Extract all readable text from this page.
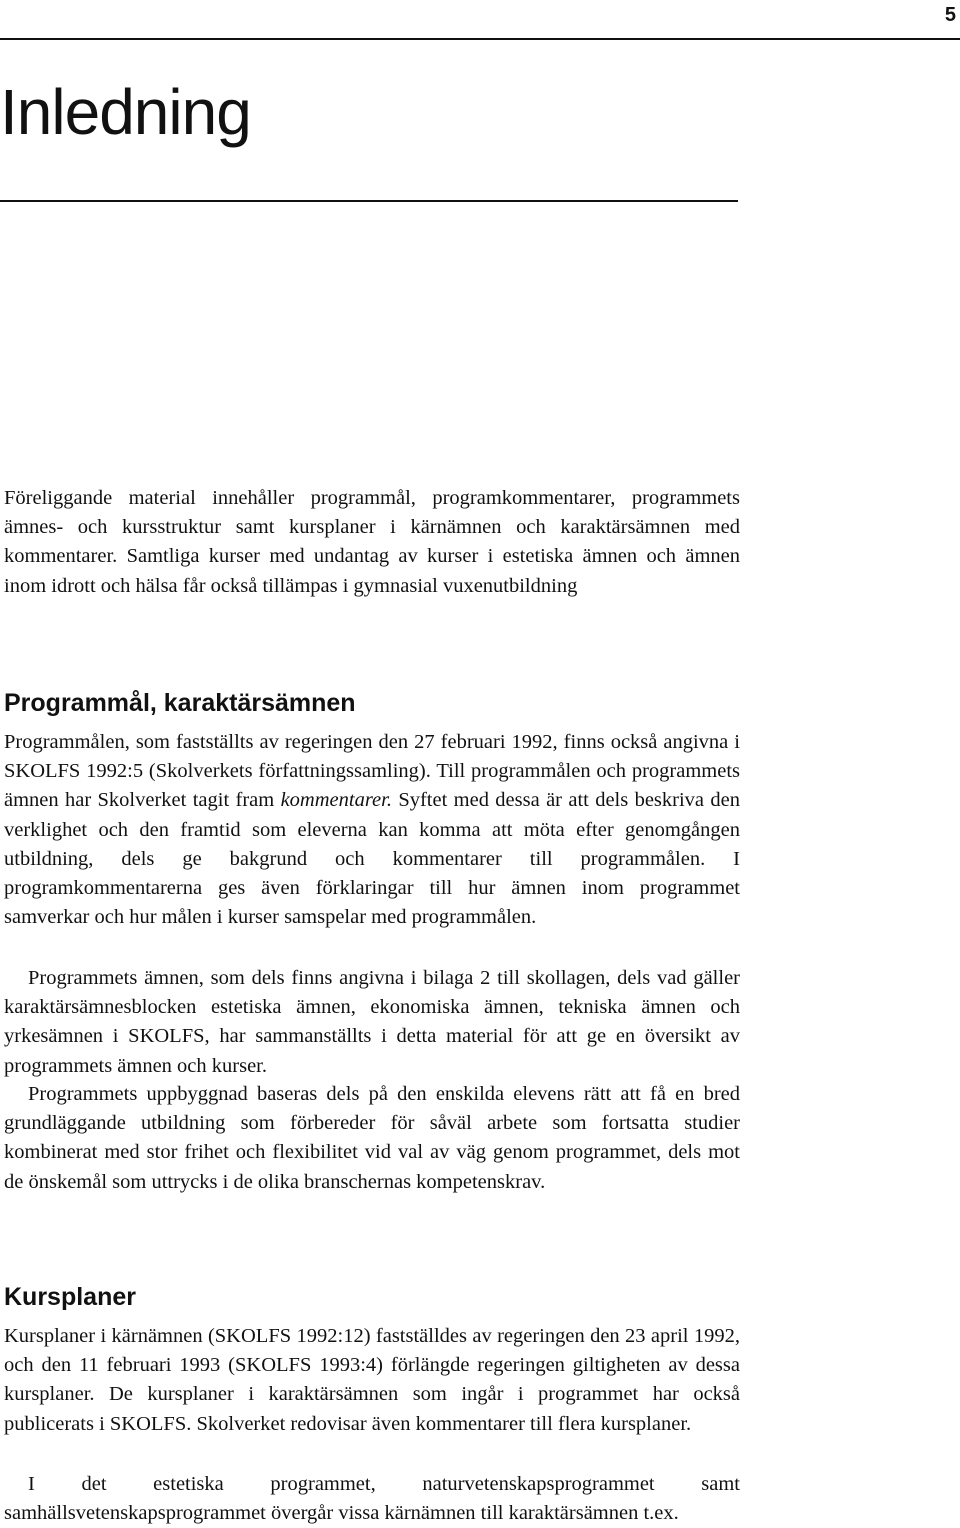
5
Inledning

Föreliggande material innehåller programmål, programkommentarer, programmets ämnes- och kursstruktur samt kursplaner i kärnämnen och karaktärsämnen med kommentarer. Samtliga kurser med undantag av kurser i estetiska ämnen och ämnen inom idrott och hälsa får också tillämpas i gymnasial vuxenutbildning

Programmål, karaktärsämnen

Programmålen, som fastställts av regeringen den 27 februari 1992, finns också angivna i SKOLFS 1992:5 (Skolverkets författningssamling). Till programmålen och programmets ämnen har Skolverket tagit fram kommentarer. Syftet med dessa är att dels beskriva den verklighet och den framtid som eleverna kan komma att möta efter genomgången utbildning, dels ge bakgrund och kommentarer till programmålen. I programkommentarerna ges även förklaringar till hur ämnen inom programmet samverkar och hur målen i kurser samspelar med programmålen.

Programmets ämnen, som dels finns angivna i bilaga 2 till skollagen, dels vad gäller karaktärsämnesblocken estetiska ämnen, ekonomiska ämnen, tekniska ämnen och yrkesämnen i SKOLFS, har sammanställts i detta material för att ge en översikt av programmets ämnen och kurser.

Programmets uppbyggnad baseras dels på den enskilda elevens rätt att få en bred grundläggande utbildning som förbereder för såväl arbete som fortsatta studier kombinerat med stor frihet och flexibilitet vid val av väg genom programmet, dels mot de önskemål som uttrycks i de olika branschernas kompetenskrav.

Kursplaner

Kursplaner i kärnämnen (SKOLFS 1992:12) fastställdes av regeringen den 23 april 1992, och den 11 februari 1993 (SKOLFS 1993:4) förlängde regeringen giltigheten av dessa kursplaner. De kursplaner i karaktärsämnen som ingår i programmet har också publicerats i SKOLFS. Skolverket redovisar även kommentarer till flera kursplaner.

I det estetiska programmet, naturvetenskapsprogrammet samt samhällsvetenskapsprogrammet övergår vissa kärnämnen till karaktärsämnen t.ex.
